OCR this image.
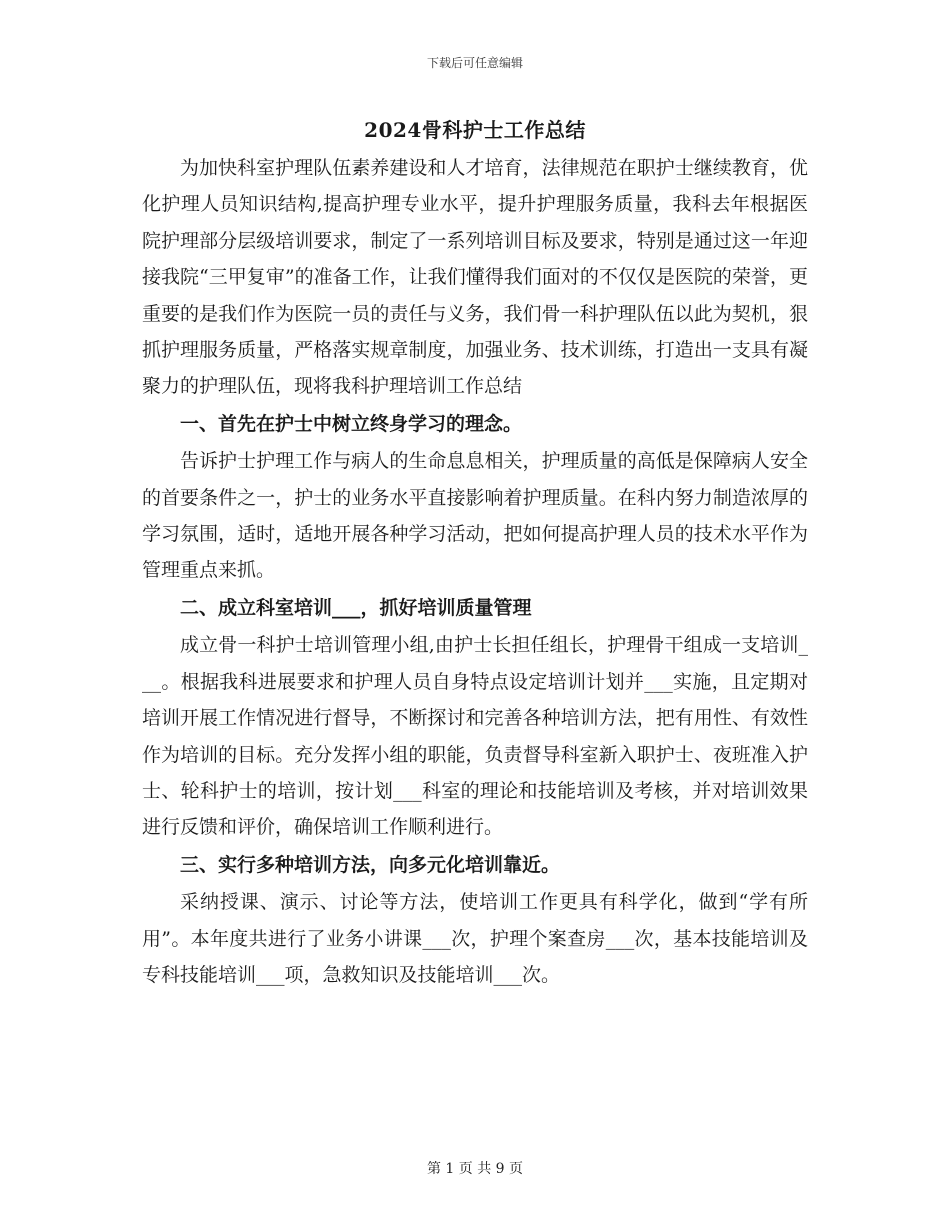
下载后可任意编辑
2024骨科护士工作总结

为加快科室护理队伍素养建设和人才培育，法律规范在职护士继续教育，优化护理人员知识结构,提高护理专业水平，提升护理服务质量，我科去年根据医院护理部分层级培训要求，制定了一系列培训目标及要求，特别是通过这一年迎接我院“三甲复审”的准备工作，让我们懂得我们面对的不仅仅是医院的荣誉，更重要的是我们作为医院一员的责任与义务，我们骨一科护理队伍以此为契机，狠抓护理服务质量，严格落实规章制度，加强业务、技术训练，打造出一支具有凝聚力的护理队伍，现将我科护理培训工作总结

一、首先在护士中树立终身学习的理念。

告诉护士护理工作与病人的生命息息相关，护理质量的高低是保障病人安全的首要条件之一，护士的业务水平直接影响着护理质量。在科内努力制造浓厚的学习氛围，适时，适地开展各种学习活动，把如何提高护理人员的技术水平作为管理重点来抓。

二、成立科室培训___，抓好培训质量管理

成立骨一科护士培训管理小组,由护士长担任组长，护理骨干组成一支培训___。根据我科进展要求和护理人员自身特点设定培训计划并___实施，且定期对培训开展工作情况进行督导，不断探讨和完善各种培训方法，把有用性、有效性作为培训的目标。充分发挥小组的职能，负责督导科室新入职护士、夜班准入护士、轮科护士的培训，按计划___科室的理论和技能培训及考核，并对培训效果进行反馈和评价，确保培训工作顺利进行。

三、实行多种培训方法，向多元化培训靠近。

采纳授课、演示、讨论等方法，使培训工作更具有科学化，做到“学有所用”。本年度共进行了业务小讲课___次，护理个案查房___次，基本技能培训及专科技能培训___项，急救知识及技能培训___次。

第 1 页 共 9 页
